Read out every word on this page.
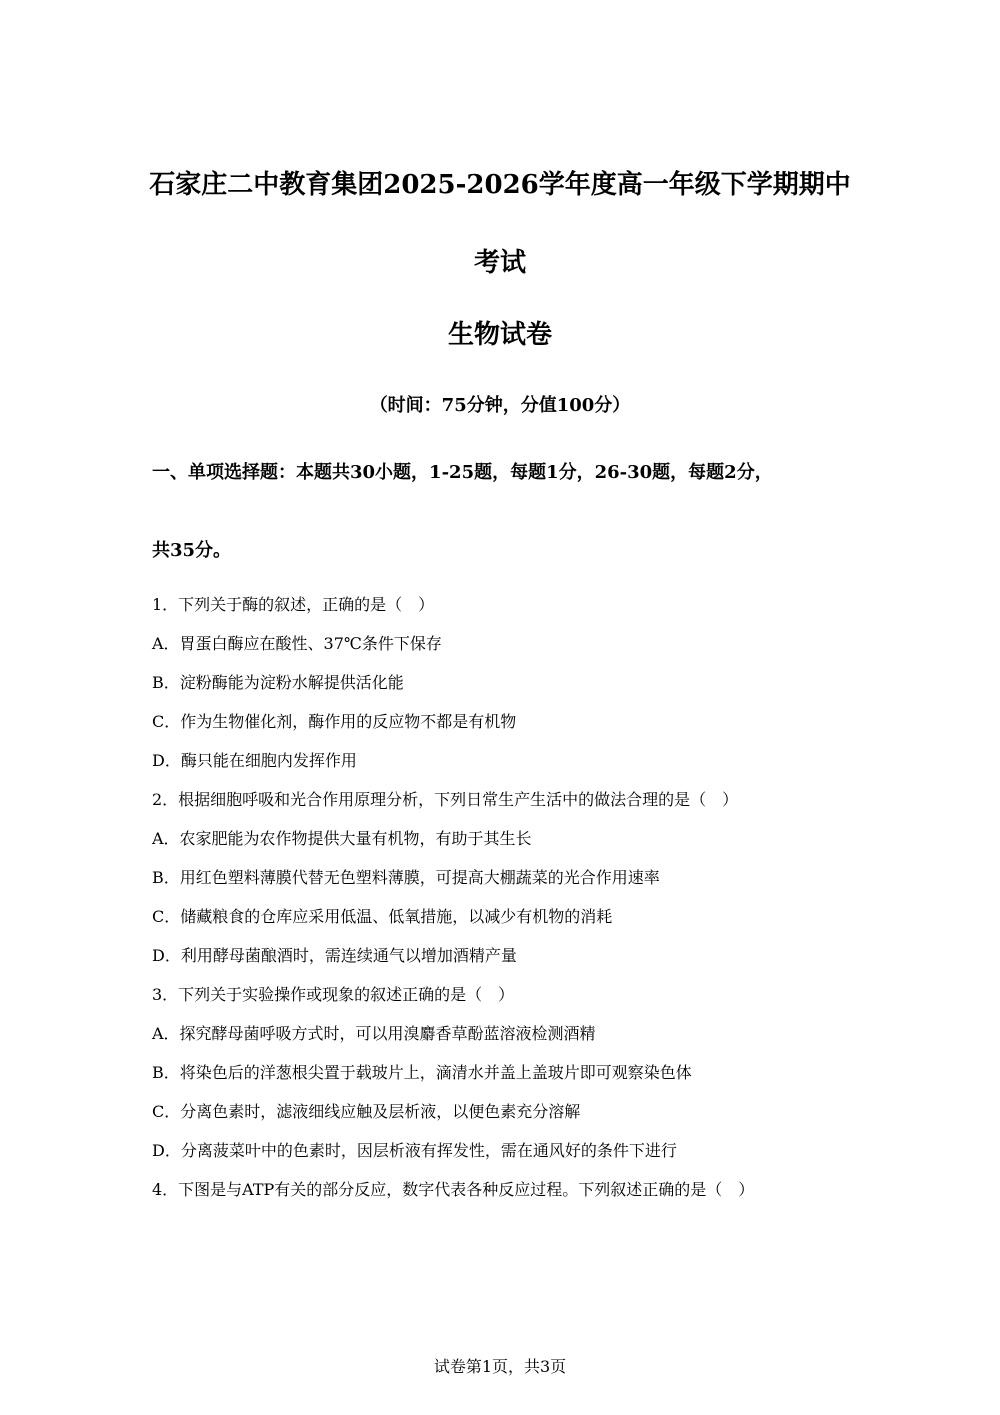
石家庄二中教育集团2025-2026学年度高一年级下学期期中
考试
生物试卷
（时间：75分钟，分值100分）
一、单项选择题：本题共30小题，1-25题，每题1分，26-30题，每题2分，
共35分。
1．下列关于酶的叙述，正确的是（　）
A．胃蛋白酶应在酸性、37℃条件下保存
B．淀粉酶能为淀粉水解提供活化能
C．作为生物催化剂，酶作用的反应物不都是有机物
D．酶只能在细胞内发挥作用
2．根据细胞呼吸和光合作用原理分析，下列日常生产生活中的做法合理的是（　）
A．农家肥能为农作物提供大量有机物，有助于其生长
B．用红色塑料薄膜代替无色塑料薄膜，可提高大棚蔬菜的光合作用速率
C．储藏粮食的仓库应采用低温、低氧措施，以减少有机物的消耗
D．利用酵母菌酿酒时，需连续通气以增加酒精产量
3．下列关于实验操作或现象的叙述正确的是（　）
A．探究酵母菌呼吸方式时，可以用溴麝香草酚蓝溶液检测酒精
B．将染色后的洋葱根尖置于载玻片上，滴清水并盖上盖玻片即可观察染色体
C．分离色素时，滤液细线应触及层析液，以便色素充分溶解
D．分离菠菜叶中的色素时，因层析液有挥发性，需在通风好的条件下进行
4．下图是与ATP有关的部分反应，数字代表各种反应过程。下列叙述正确的是（　）
试卷第1页，共3页
